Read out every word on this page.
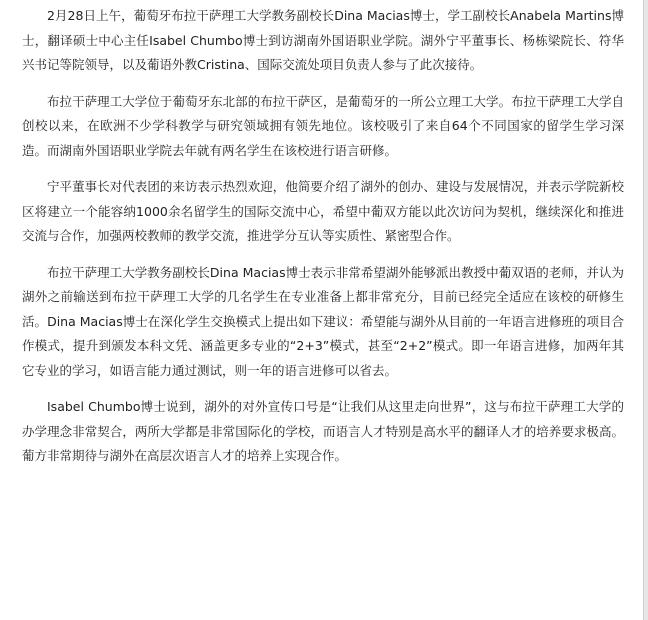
2月28日上午，葡萄牙布拉干萨理工大学教务副校长Dina Macias博士，学工副校长Anabela Martins博士，翻译硕士中心主任Isabel Chumbo博士到访湖南外国语职业学院。湖外宁平董事长、杨栋梁院长、符华兴书记等院领导，以及葡语外教Cristina、国际交流处项目负责人参与了此次接待。

布拉干萨理工大学位于葡萄牙东北部的布拉干萨区，是葡萄牙的一所公立理工大学。布拉干萨理工大学自创校以来，在欧洲不少学科教学与研究领域拥有领先地位。该校吸引了来自64个不同国家的留学生学习深造。而湖南外国语职业学院去年就有两名学生在该校进行语言研修。

宁平董事长对代表团的来访表示热烈欢迎，他简要介绍了湖外的创办、建设与发展情况，并表示学院新校区将建立一个能容纳1000余名留学生的国际交流中心，希望中葡双方能以此次访问为契机，继续深化和推进交流与合作，加强两校教师的教学交流，推进学分互认等实质性、紧密型合作。

布拉干萨理工大学教务副校长Dina Macias博士表示非常希望湖外能够派出教授中葡双语的老师，并认为湖外之前输送到布拉干萨理工大学的几名学生在专业准备上都非常充分，目前已经完全适应在该校的研修生活。Dina Macias博士在深化学生交换模式上提出如下建议：希望能与湖外从目前的一年语言进修班的项目合作模式，提升到颁发本科文凭、涵盖更多专业的“2+3”模式，甚至“2+2”模式。即一年语言进修，加两年其它专业的学习，如语言能力通过测试，则一年的语言进修可以省去。

Isabel Chumbo博士说到，湖外的对外宣传口号是“让我们从这里走向世界”，这与布拉干萨理工大学的办学理念非常契合，两所大学都是非常国际化的学校，而语言人才特别是高水平的翻译人才的培养要求极高。葡方非常期待与湖外在高层次语言人才的培养上实现合作。
